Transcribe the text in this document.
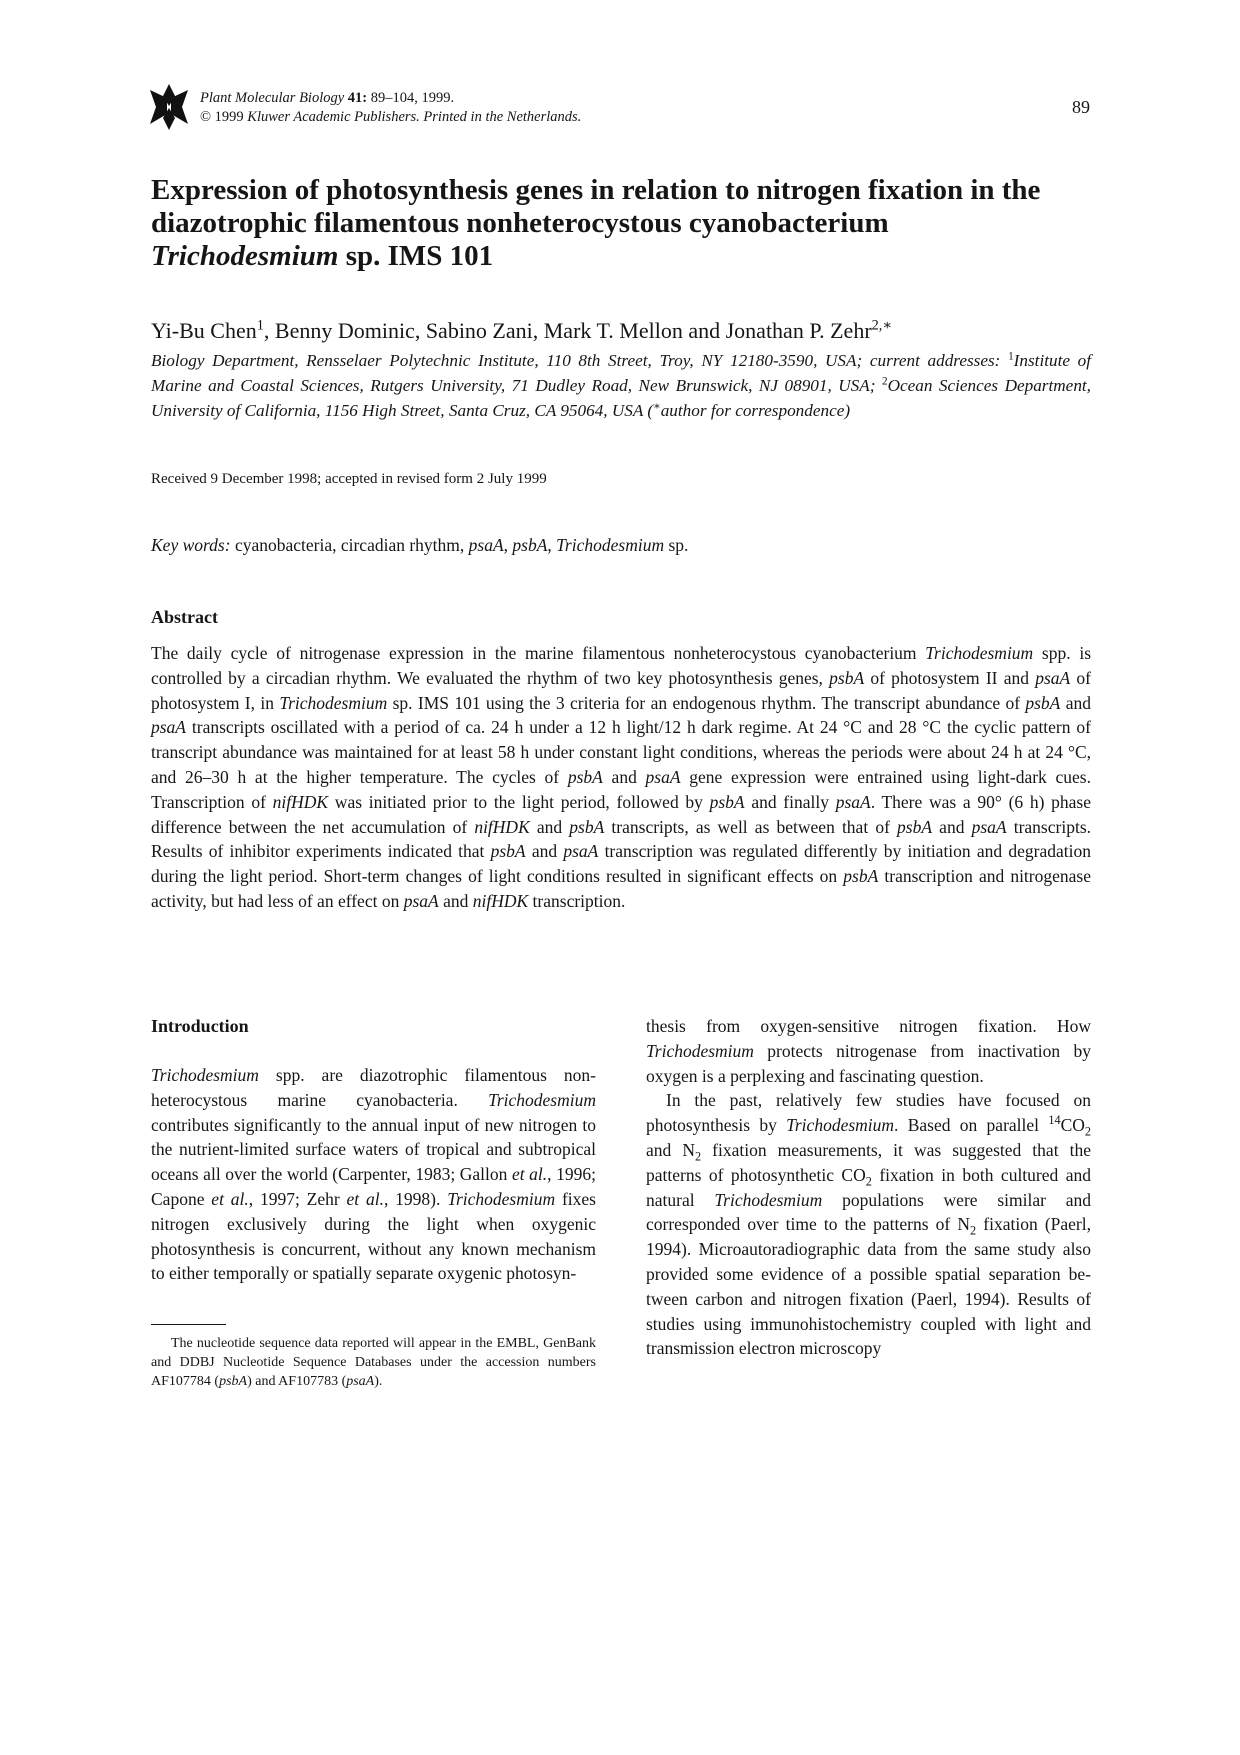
Plant Molecular Biology 41: 89–104, 1999.
© 1999 Kluwer Academic Publishers. Printed in the Netherlands.	89
Expression of photosynthesis genes in relation to nitrogen fixation in the
diazotrophic filamentous nonheterocystous cyanobacterium
Trichodesmium sp. IMS 101
Yi-Bu Chen$^1$, Benny Dominic, Sabino Zani, Mark T. Mellon and Jonathan P. Zehr$^{2,∗}$
Biology Department, Rensselaer Polytechnic Institute, 110 8th Street, Troy, NY 12180-3590, USA; current addresses: $^1$Institute of Marine and Coastal Sciences, Rutgers University, 71 Dudley Road, New Brunswick, NJ 08901, USA; $^2$Ocean Sciences Department, University of California, 1156 High Street, Santa Cruz, CA 95064, USA (∗author for correspondence)
Received 9 December 1998; accepted in revised form 2 July 1999
Key words: cyanobacteria, circadian rhythm, psaA, psbA, Trichodesmium sp.
Abstract
The daily cycle of nitrogenase expression in the marine filamentous nonheterocystous cyanobacterium Trichodesmium spp. is controlled by a circadian rhythm. We evaluated the rhythm of two key photosynthesis genes, psbA of photosystem II and psaA of photosystem I, in Trichodesmium sp. IMS 101 using the 3 criteria for an endogenous rhythm. The transcript abundance of psbA and psaA transcripts oscillated with a period of ca. 24 h under a 12 h light/12 h dark regime. At 24 °C and 28 °C the cyclic pattern of transcript abundance was maintained for at least 58 h under constant light conditions, whereas the periods were about 24 h at 24 °C, and 26–30 h at the higher temperature. The cycles of psbA and psaA gene expression were entrained using light-dark cues. Transcription of nifHDK was initiated prior to the light period, followed by psbA and finally psaA. There was a 90° (6 h) phase difference between the net accumulation of nifHDK and psbA transcripts, as well as between that of psbA and psaA transcripts. Results of inhibitor experiments indicated that psbA and psaA transcription was regulated differently by initiation and degradation during the light period. Short-term changes of light conditions resulted in significant effects on psbA transcription and nitrogenase activity, but had less of an effect on psaA and nifHDK transcription.
Introduction

Trichodesmium spp. are diazotrophic filamentous nonheterocystous marine cyanobacteria. Trichodesmium contributes significantly to the annual input of new nitrogen to the nutrient-limited surface waters of tropical and subtropical oceans all over the world (Carpenter, 1983; Gallon et al., 1996; Capone et al., 1997; Zehr et al., 1998). Trichodesmium fixes nitrogen exclusively during the light when oxygenic photosynthesis is concurrent, without any known mechanism to either temporally or spatially separate oxygenic photosyn-

The nucleotide sequence data reported will appear in the EMBL, GenBank and DDBJ Nucleotide Sequence Databases under the accession numbers AF107784 (psbA) and AF107783 (psaA).

thesis from oxygen-sensitive nitrogen fixation. How Trichodesmium protects nitrogenase from inactivation by oxygen is a perplexing and fascinating question.

In the past, relatively few studies have focused on photosynthesis by Trichodesmium. Based on parallel $^{14}CO_2$ and $N_2$ fixation measurements, it was suggested that the patterns of photosynthetic $CO_2$ fixation in both cultured and natural Trichodesmium populations were similar and corresponded over time to the patterns of $N_2$ fixation (Paerl, 1994). Microautoradiographic data from the same study also provided some evidence of a possible spatial separation between carbon and nitrogen fixation (Paerl, 1994). Results of studies using immunohistochemistry coupled with light and transmission electron microscopy
